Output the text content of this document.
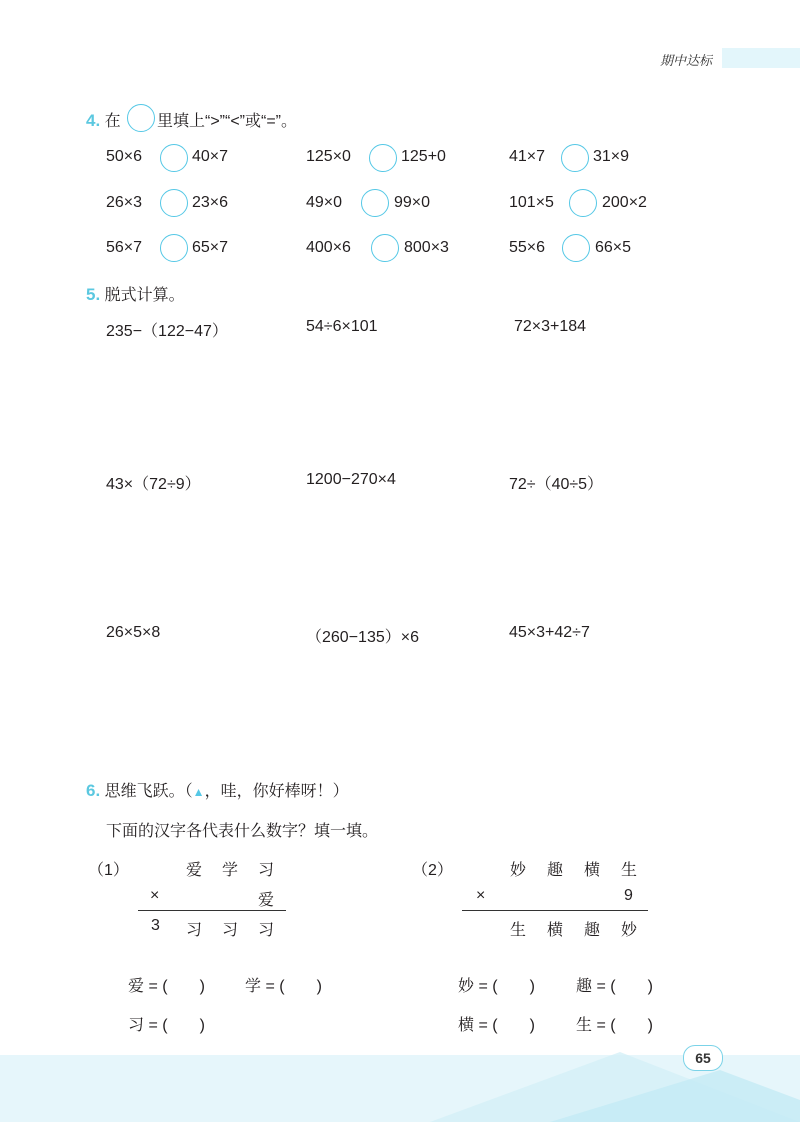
期中达标
4. 在 里填上“>”“<”或“=”。
50×6	40×7	125×0	125+0	41×7	31×9
26×3	23×6	49×0	99×0	101×5	200×2
56×7	65×7	400×6	800×3	55×6	66×5
5. 脱式计算。
235−（122−47）	54÷6×101	72×3+184
43×（72÷9）	1200−270×4	72÷（40÷5）
26×5×8	（260−135）×6	45×3+42÷7
6. 思维飞跃。（▲，哇，你好棒呀！）
下面的汉字各代表什么数字？填一填。
（1）	爱 学 习
×	爱
3 习 习 习
爱 = (　　)	学 = (　　)
习 = (　　)
（2）	妙 趣 横 生
×	9
生 横 趣 妙
妙 = (　　)	趣 = (　　)
横 = (　　)	生 = (　　)
65
